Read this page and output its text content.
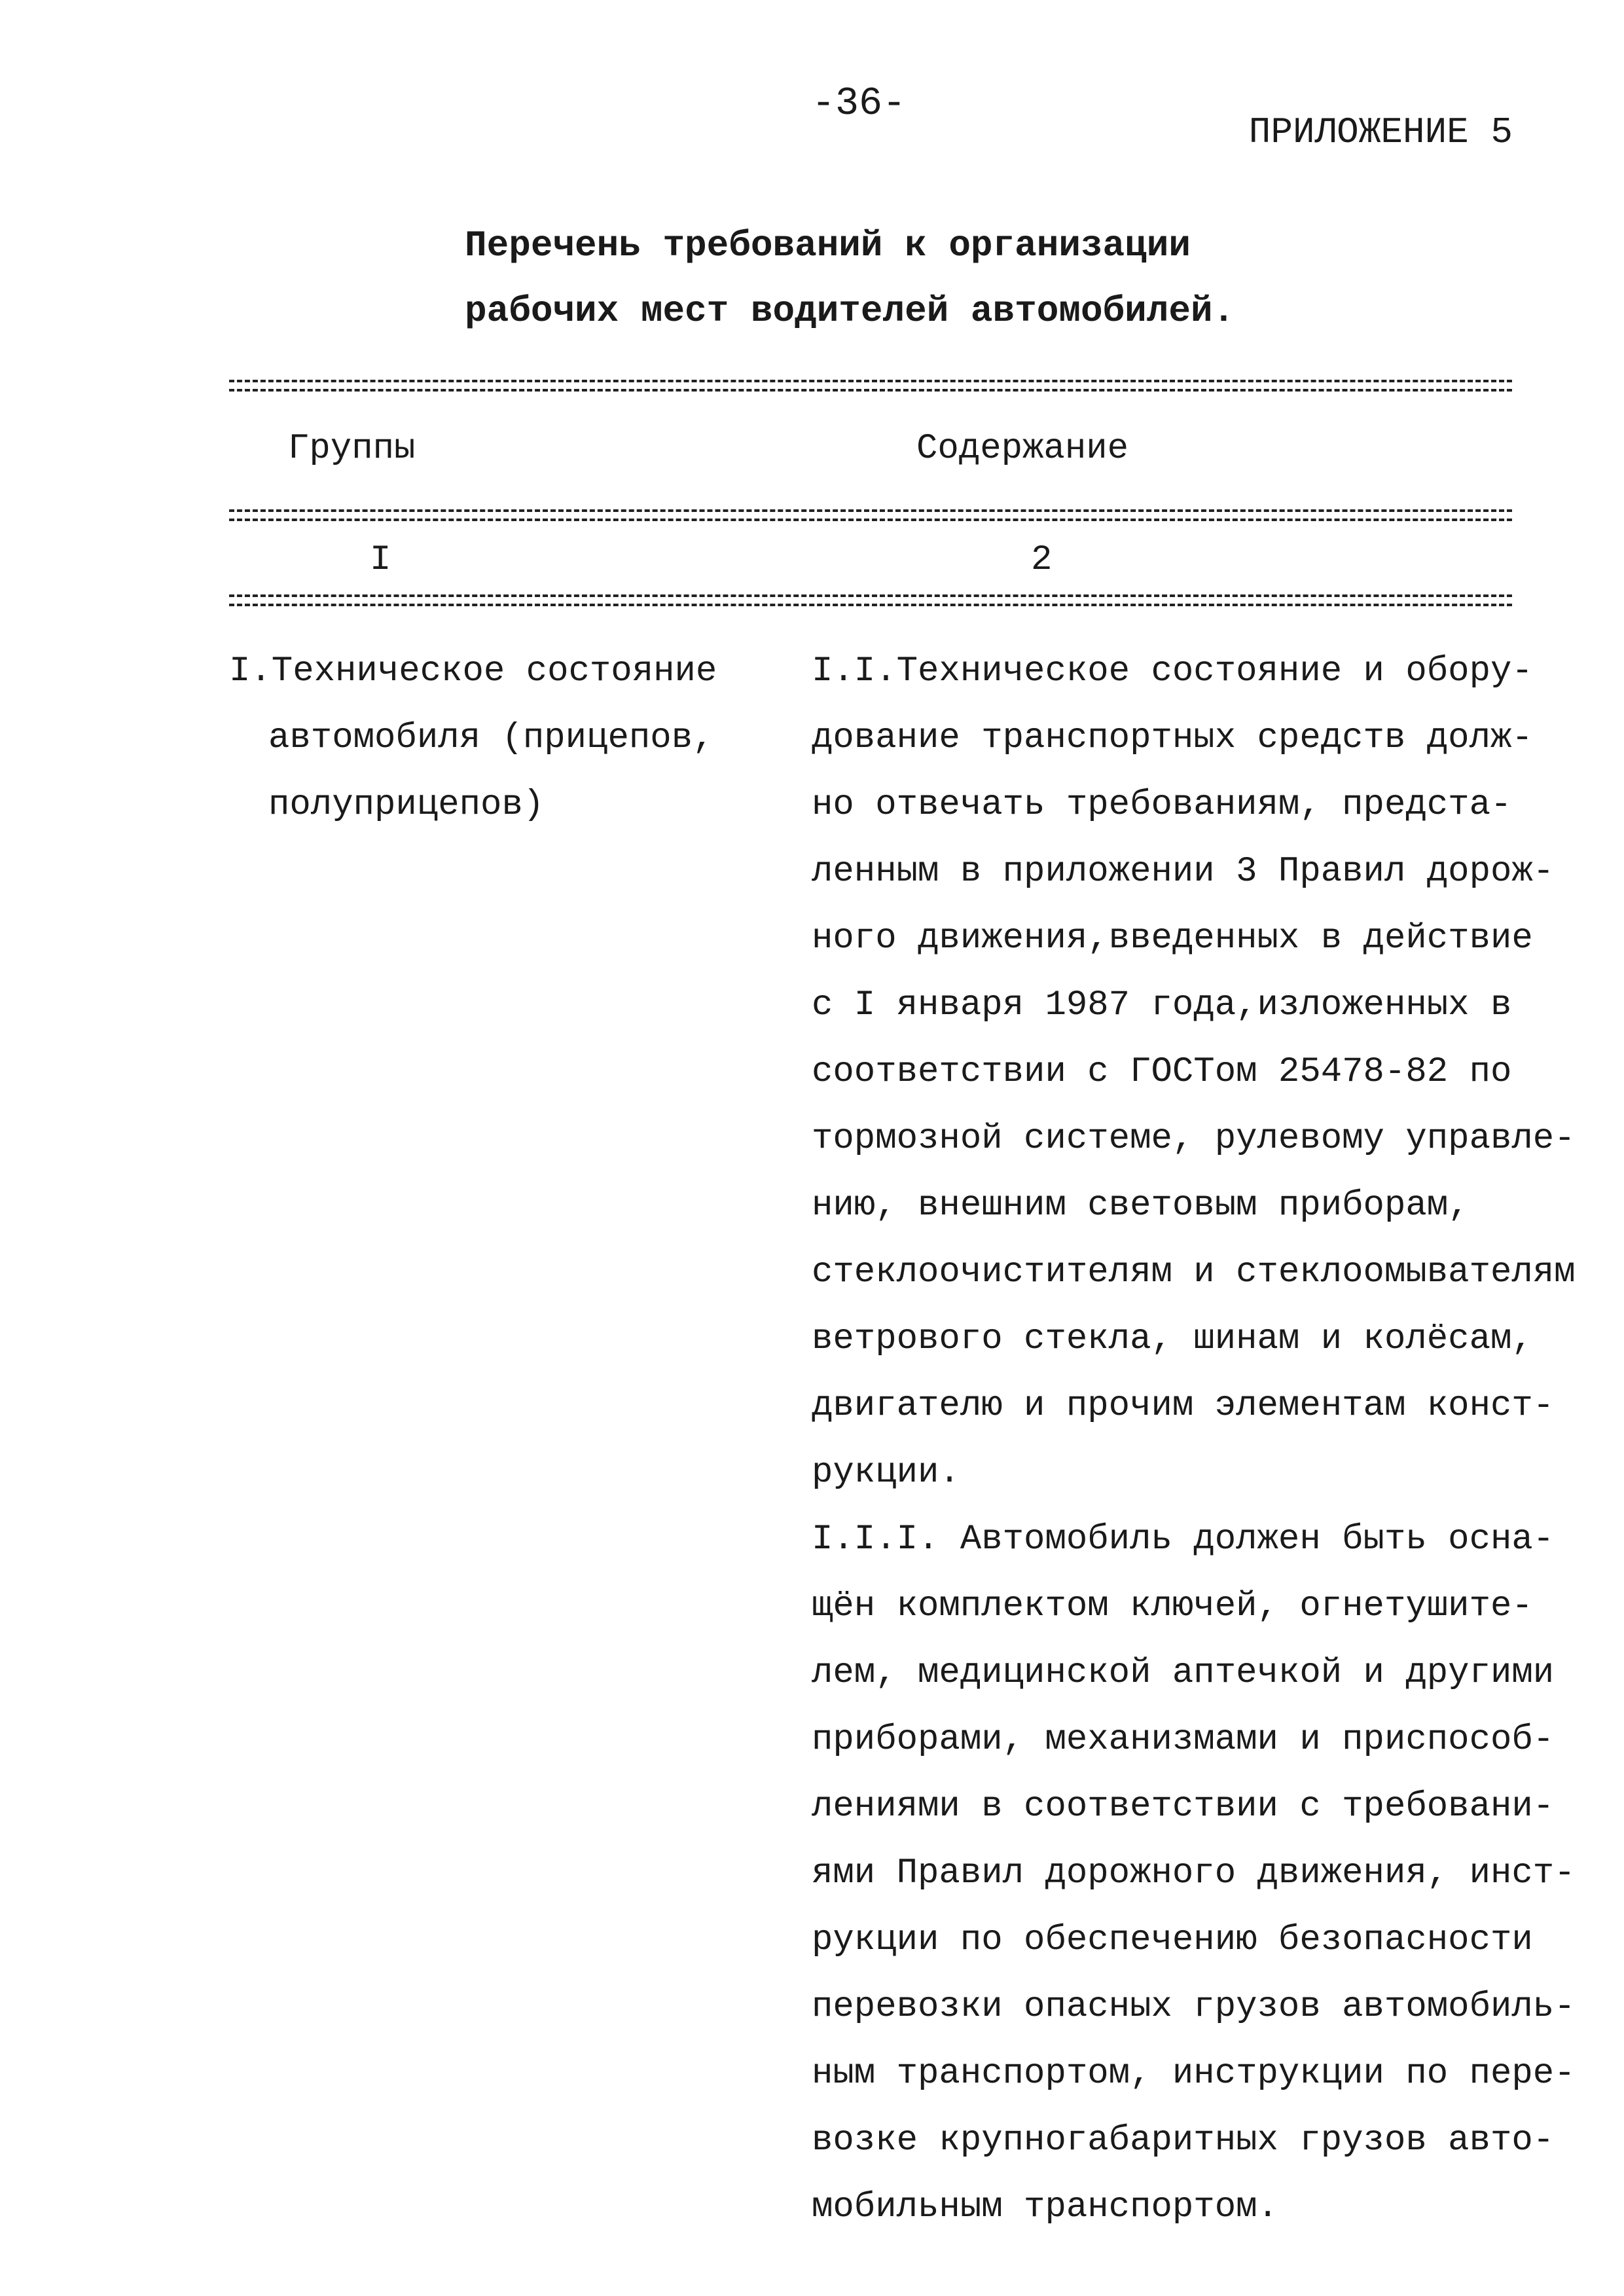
-36-
ПРИЛОЖЕНИЕ 5
Перечень требований к организации
рабочих мест водителей автомобилей.
Группы	Содержание
I	2
I.Техническое состояние
автомобиля (прицепов,
полуприцепов)
I.I.Техническое состояние и обору-
дование транспортных средств долж-
но отвечать требованиям, предста-
ленным в приложении 3 Правил дорож-
ного движения,введенных в действие
с I января 1987 года,изложенных в
соответствии с ГОСТом 25478-82 по
тормозной системе, рулевому управле-
нию, внешним световым приборам,
стеклоочистителям и стеклоомывателям
ветрового стекла, шинам и колёсам,
двигателю и прочим элементам конст-
рукции.
I.I.I. Автомобиль должен быть осна-
щён комплектом ключей, огнетушите-
лем, медицинской аптечкой и другими
приборами, механизмами и приспособ-
лениями в соответствии с требовани-
ями Правил дорожного движения, инст-
рукции по обеспечению безопасности
перевозки опасных грузов автомобиль-
ным транспортом, инструкции по пере-
возке крупногабаритных грузов авто-
мобильным транспортом.
